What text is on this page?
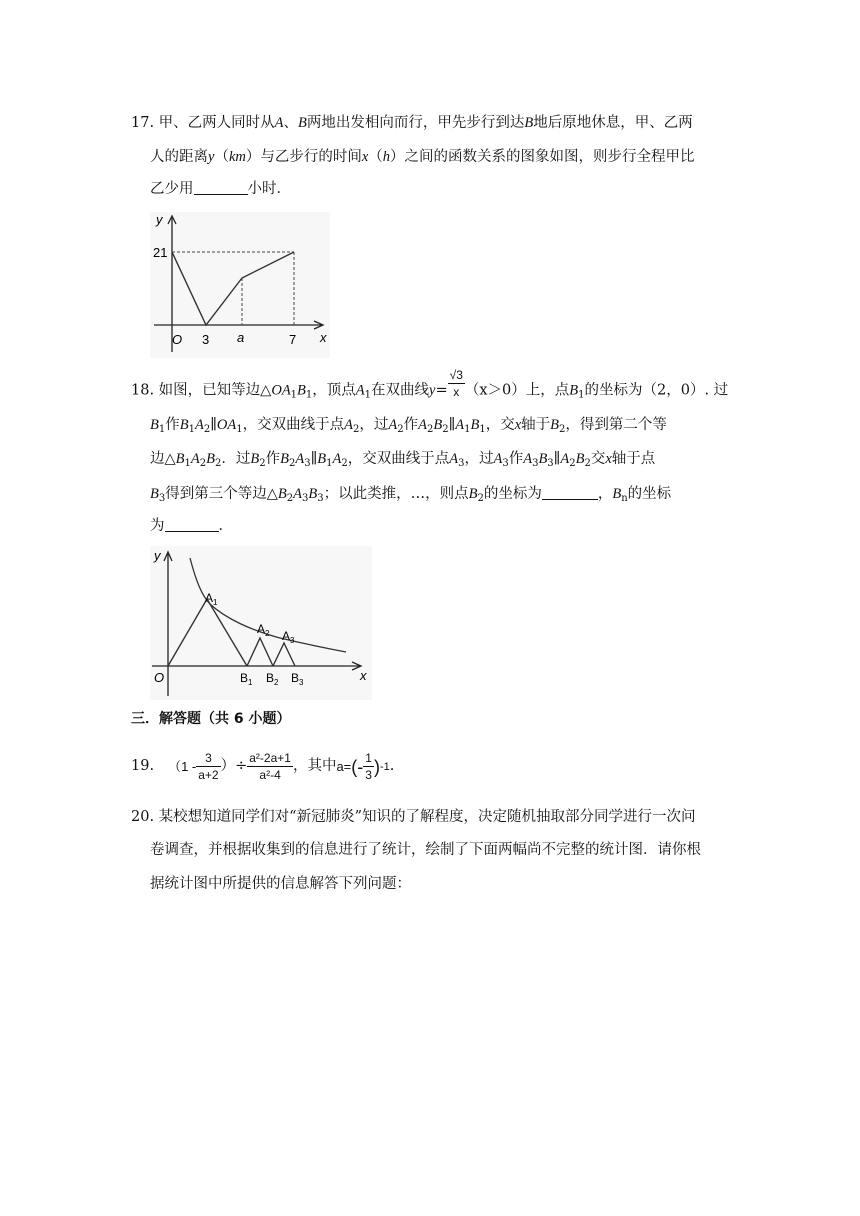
17. 甲、乙两人同时从A、B两地出发相向而行，甲先步行到达B地后原地休息，甲、乙两
人的距离y（km）与乙步行的时间x（h）之间的函数关系的图象如图，则步行全程甲比
乙少用	小时．
y
21
O 3 a	7 x
18. 如图，已知等边$\triangle OA_1B_1$，顶点$A_1$在双曲线$y= \frac{√3}{x} (x>0)$上，点$B_1$的坐标为（2，0）. 过
$B_1$作$B_1A_2\parallel OA_1$，交双曲线于点$A_2$，过$A_2$作$A_2B_2\parallel A_1B_1$，交x轴于$B_2$，得到第二个等
边$\triangle B_1A_2B_2$．过$B_2$作$B_2A_3\parallel B_1A_2$，交双曲线于点$A_3$，过$A_3$作$A_3B_3\parallel A_2B_2$交x轴于点
$B_3$得到第三个等边$\triangle B_2A_3B_3$；以此类推，…，则点$B_2$的坐标为	，$B_n$的坐标
为	．
y
O	x
$A_1$
$A_2$ $A_3$
$B_1$ $B_2$ $B_3$
三．解答题（共 6 小题）
19. （$1 - \frac{3}{a+2}$ ）÷ $\frac{\text{a²-2a+1}}{\text{a²-4}}$ ，其中 a= (- $\frac{1}{3}$ ) -1 .
20. 某校想知道同学们对“新冠肺炎”知识的了解程度，决定随机抽取部分同学进行一次问
卷调查，并根据收集到的信息进行了统计，绘制了下面两幅尚不完整的统计图．请你根
据统计图中所提供的信息解答下列问题：
